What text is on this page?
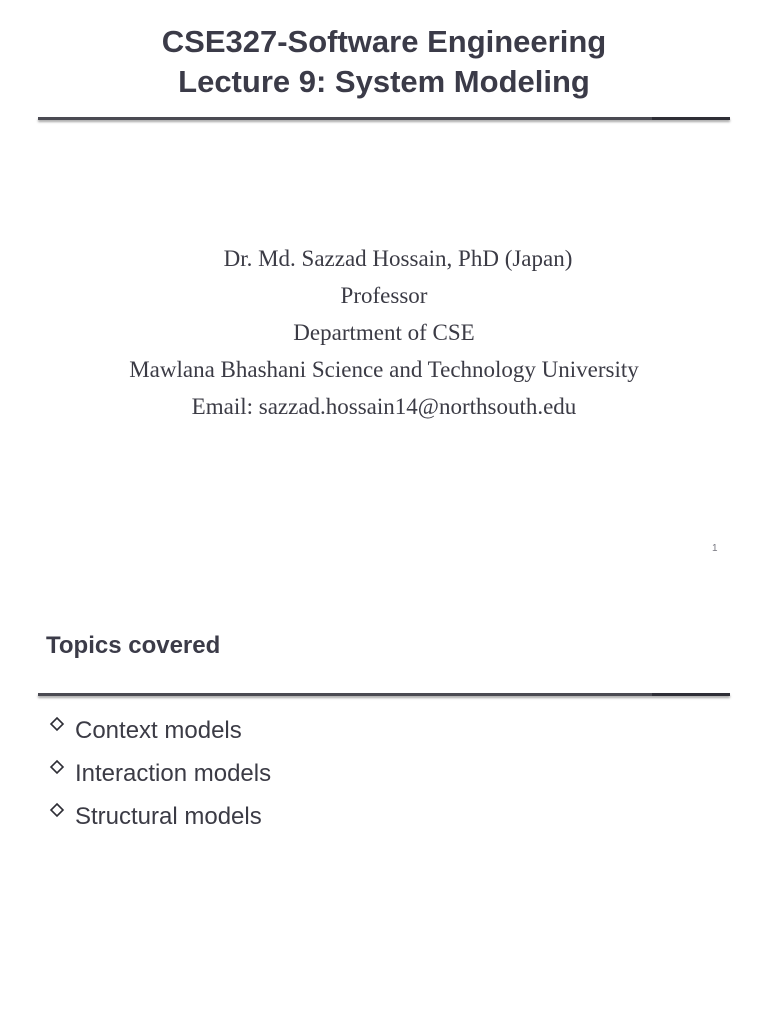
CSE327-Software Engineering
Lecture 9: System Modeling
Dr. Md. Sazzad Hossain, PhD (Japan)
Professor
Department of CSE
Mawlana Bhashani Science and Technology University
Email: sazzad.hossain14@northsouth.edu
1
Topics covered
Context models
Interaction models
Structural models
